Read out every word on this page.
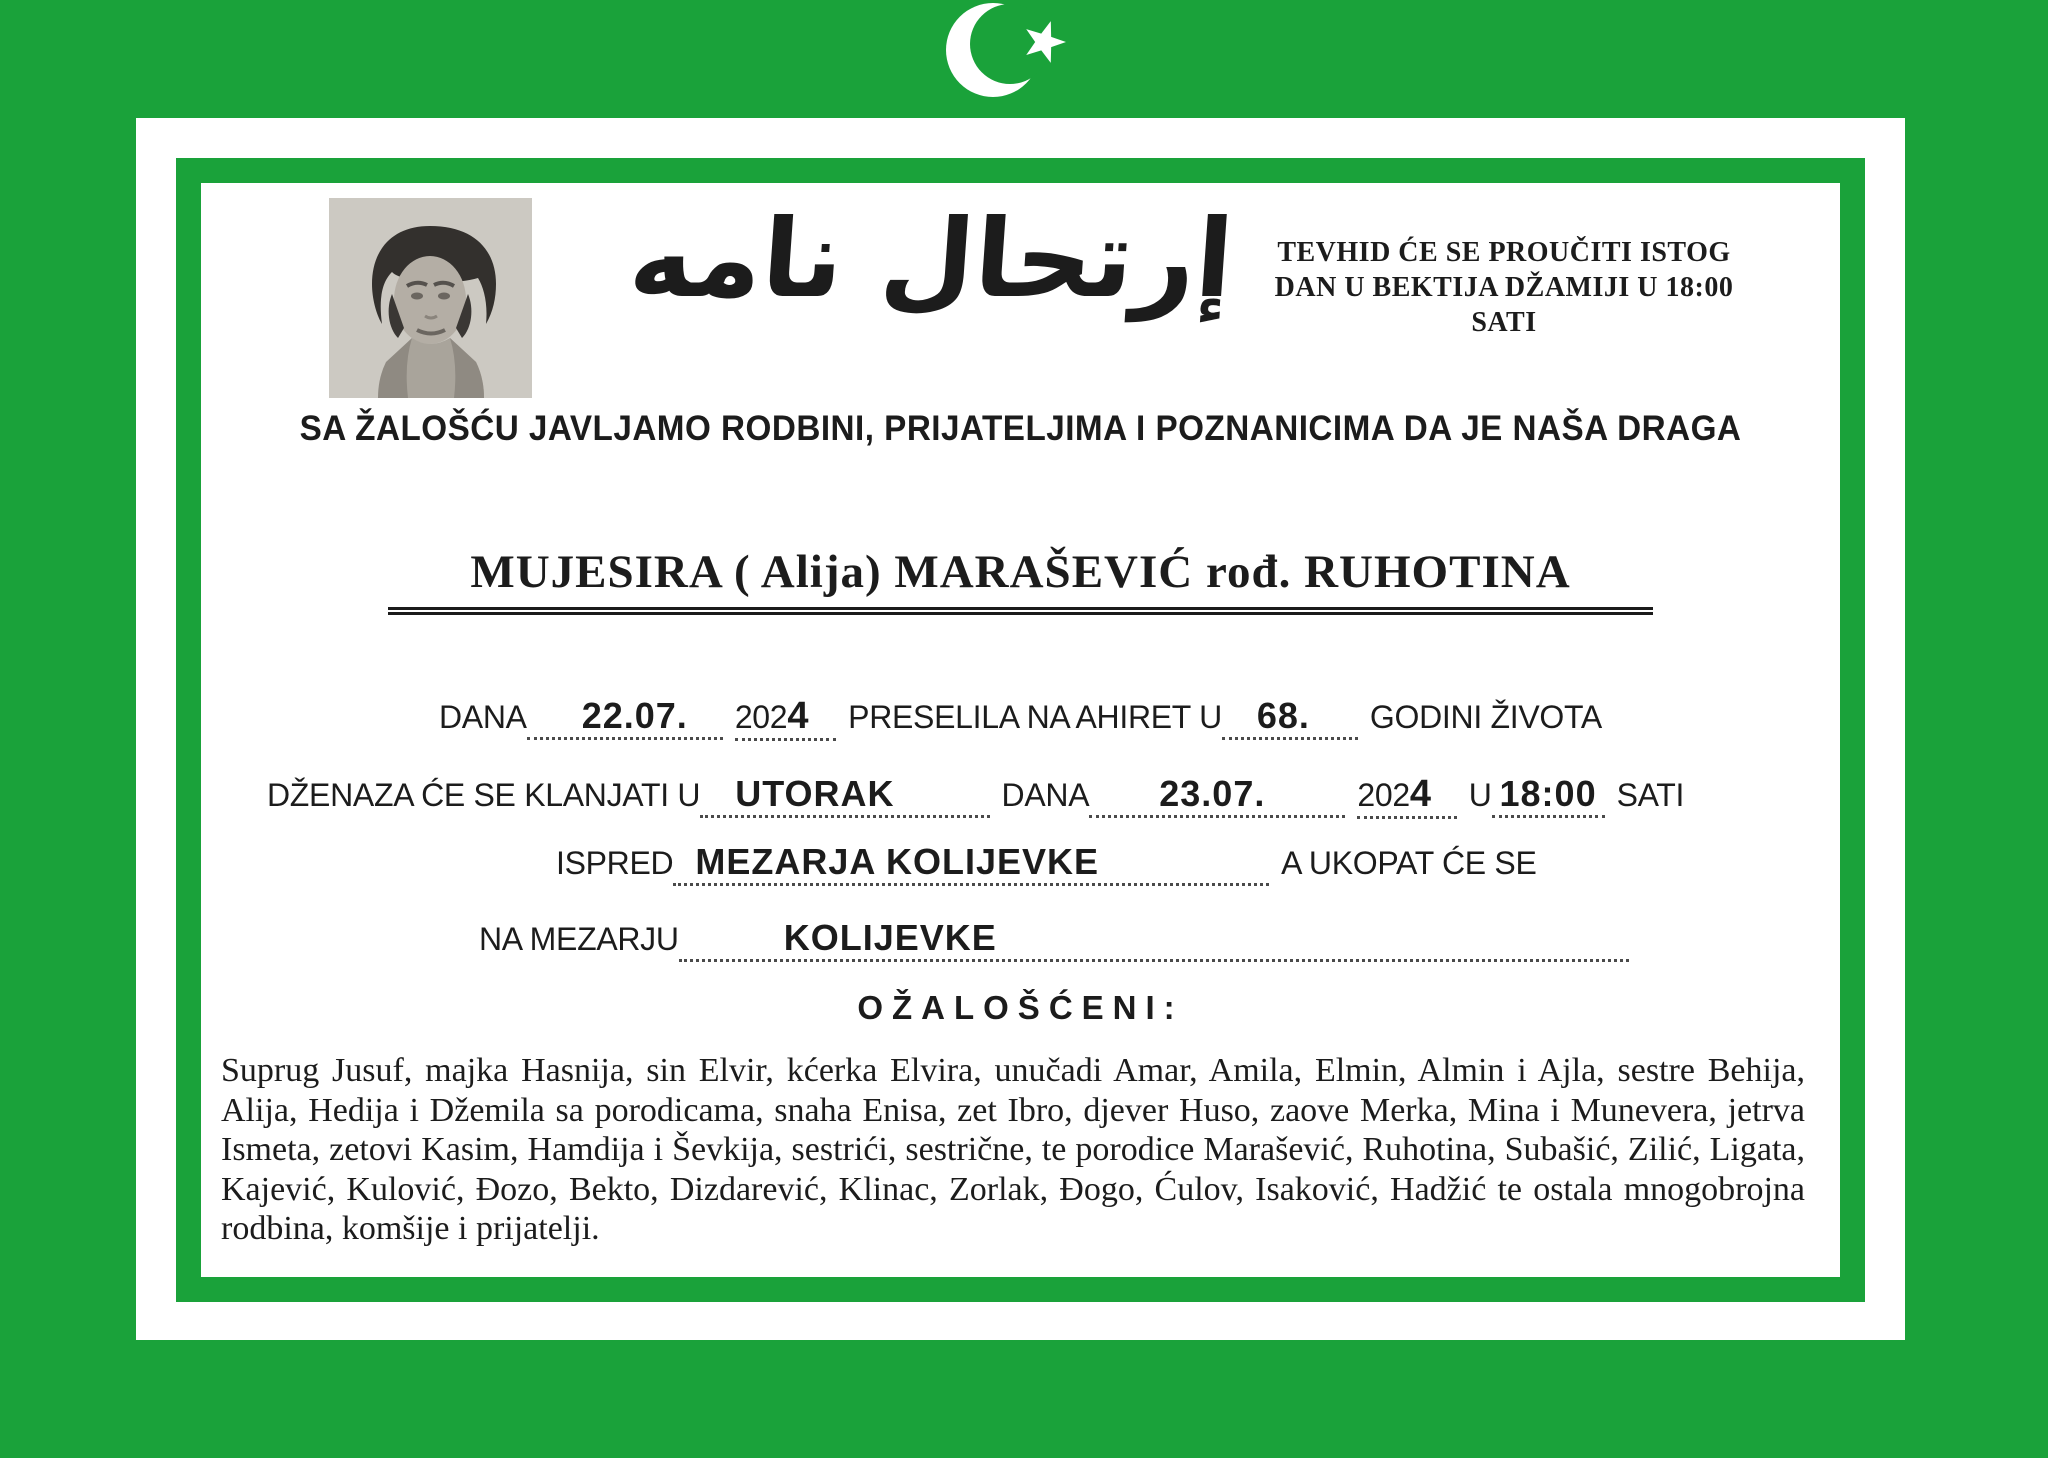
إرتحال نامه	TEVHID ĆE SE PROUČITI ISTOG
DAN U BEKTIJA DŽAMIJI U 18:00
SATI
SA ŽALOŠĆU JAVLJAMO RODBINI, PRIJATELJIMA I POZNANICIMA DA JE NAŠA DRAGA
MUJESIRA ( Alija) MARAŠEVIĆ rođ. RUHOTINA
DANA	22.07.	2024	PRESELILA NA AHIRET U 68.	GODINI ŽIVOTA
DŽENAZA ĆE SE KLANJATI U UTORAK	DANA	23.07.	2024	U 18:00 SATI
ISPRED MEZARJA KOLIJEVKE	A UKOPAT ĆE SE
NA MEZARJU	KOLIJEVKE
OŽALOŠĆENI:
Suprug Jusuf, majka Hasnija, sin Elvir, kćerka Elvira, unučadi Amar, Amila, Elmin, Almin i Ajla, sestre Behija, Alija, Hedija i Džemila sa porodicama, snaha Enisa, zet Ibro, djever Huso, zaove Merka, Mina i Munevera, jetrva Ismeta, zetovi Kasim, Hamdija i Ševkija, sestrići, sestrične, te porodice Marašević, Ruhotina, Subašić, Zilić, Ligata, Kajević, Kulović, Đozo, Bekto, Dizdarević, Klinac, Zorlak, Đogo, Ćulov, Isaković, Hadžić te ostala mnogobrojna rodbina, komšije i prijatelji.
